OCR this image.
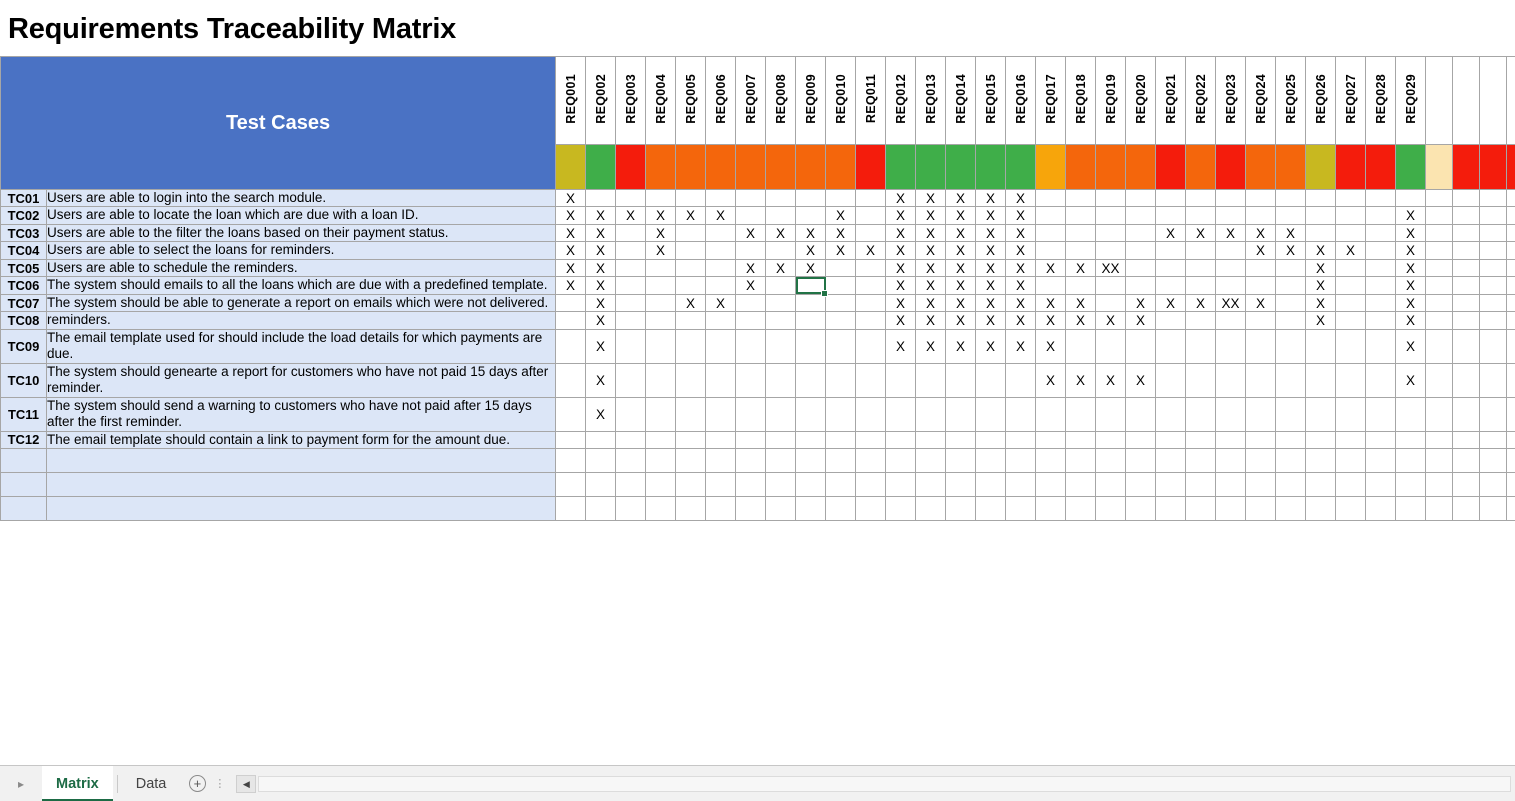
Requirements Traceability Matrix
Test Cases		REQ001	REQ002	REQ003	REQ004	REQ005	REQ006	REQ007	REQ008	REQ009	REQ010	REQ011	REQ012	REQ013	REQ014	REQ015	REQ016	REQ017	REQ018	REQ019	REQ020	REQ021	REQ022	REQ023	REQ024	REQ025	REQ026	REQ027	REQ028	REQ029				

TC01	Users are able to login into the search module.	X											X	X	X	X	X																	
TC02	Users are able to locate the loan which are due with a loan ID.	X	X	X	X	X	X				X		X	X	X	X	X													X				
TC03	Users are able to the filter the loans based on their payment status.	X	X		X			X	X	X	X		X	X	X	X	X					X	X	X	X	X				X				
TC04	Users are able to select the loans for reminders.	X	X		X					X	X	X	X	X	X	X	X								X	X	X	X		X				
TC05	Users are able to schedule the reminders.	X	X					X	X	X			X	X	X	X	X	X	X	XX							X			X				
TC06	The system should emails to all the loans which are due with a predefined template.	X	X					X					X	X	X	X	X										X			X				
TC07	The system should be able to generate a report on emails which were not delivered.		X			X	X						X	X	X	X	X	X	X		X	X	X	XX	X		X			X				
TC08	reminders.		X										X	X	X	X	X	X	X	X	X						X			X				
TC09	The email template used for should include the load details for which payments are due.		X										X	X	X	X	X	X												X				
TC10	The system should genearte a report for customers who have not paid 15 days after reminder.		X															X	X	X	X									X				
TC11	The system should send a warning to customers who have not paid after 15 days after the first reminder.		X																															
TC12	The email template should contain a link to payment form for the amount due.																																	

▸	Matrix	Data	+	⋮	◀
